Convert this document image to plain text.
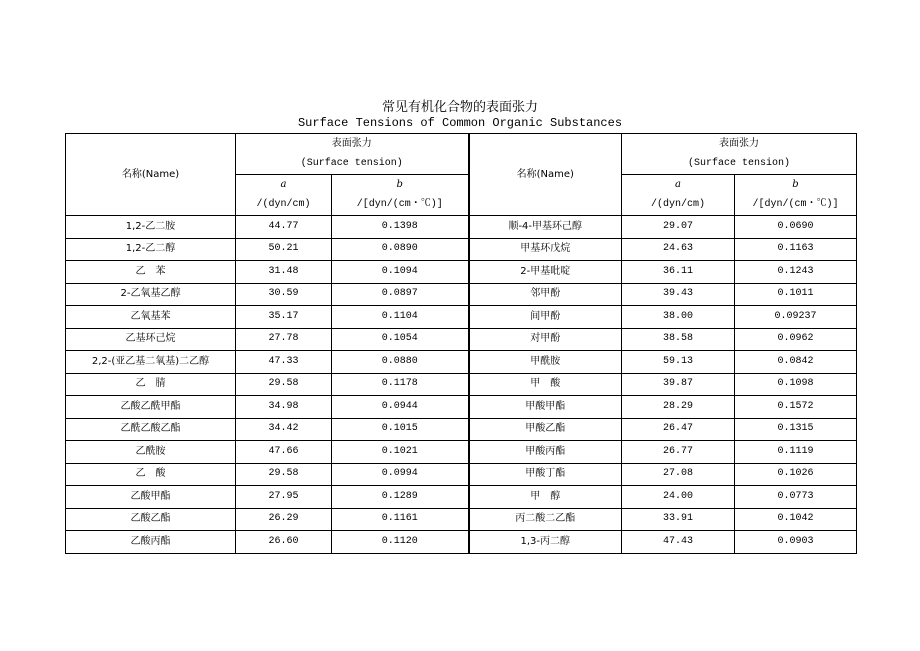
常见有机化合物的表面张力
Surface Tensions of Common Organic Substances
名称(Name)	表面张力		名称(Name)	表面张力	
	(Surface tension)			(Surface tension)	
	a	b		a	b
	/(dyn/cm)	/[dyn/(cm・℃)]		/(dyn/cm)	/[dyn/(cm・℃)]
1,2-乙二胺	44.77	0.1398	顺-4-甲基环己醇	29.07	0.0690
1,2-乙二醇	50.21	0.0890	甲基环戊烷	24.63	0.1163
乙　苯	31.48	0.1094	2-甲基吡啶	36.11	0.1243
2-乙氧基乙醇	30.59	0.0897	邻甲酚	39.43	0.1011
乙氧基苯	35.17	0.1104	间甲酚	38.00	0.09237
乙基环己烷	27.78	0.1054	对甲酚	38.58	0.0962
2,2-(亚乙基二氧基)二乙醇	47.33	0.0880	甲酰胺	59.13	0.0842
乙　腈	29.58	0.1178	甲　酸	39.87	0.1098
乙酸乙酰甲酯	34.98	0.0944	甲酸甲酯	28.29	0.1572
乙酰乙酸乙酯	34.42	0.1015	甲酸乙酯	26.47	0.1315
乙酰胺	47.66	0.1021	甲酸丙酯	26.77	0.1119
乙　酸	29.58	0.0994	甲酸丁酯	27.08	0.1026
乙酸甲酯	27.95	0.1289	甲　醇	24.00	0.0773
乙酸乙酯	26.29	0.1161	丙二酸二乙酯	33.91	0.1042
乙酸丙酯	26.60	0.1120	1,3-丙二醇	47.43	0.0903
